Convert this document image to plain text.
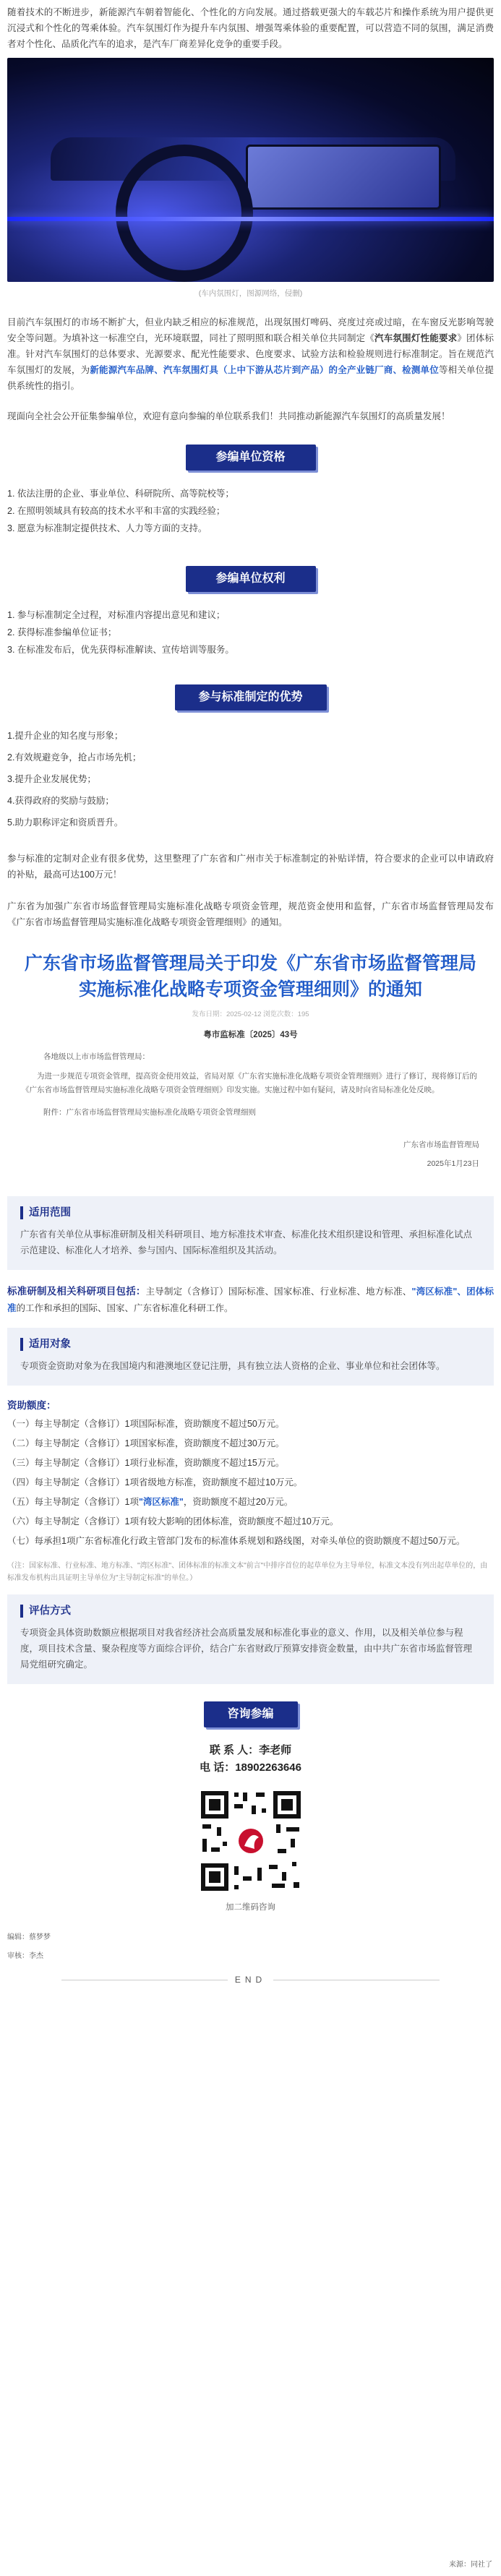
随着技术的不断进步，新能源汽车朝着智能化、个性化的方向发展。通过搭载更强大的车载芯片和操作系统为用户提供更沉浸式和个性化的驾乘体验。汽车氛围灯作为提升车内氛围、增强驾乘体验的重要配置，可以营造不同的氛围，满足消费者对个性化、品质化汽车的追求，是汽车厂商差异化竞争的重要手段。

(车内氛围灯，图源网络，侵删)

目前汽车氛围灯的市场不断扩大，但业内缺乏相应的标准规范，出现氛围灯啤码、亮度过亮或过暗，在车窗反光影响驾驶安全等问题。为填补这一标准空白，光环境联盟，同社了照明照和联合相关单位共同制定《汽车氛围灯性能要求》团体标准。针对汽车氛围灯的总体要求、光源要求、配光性能要求、色度要求、试验方法和检验规则进行标准制定。旨在规范汽车氛围灯的发展，为新能源汽车品牌、汽车氛围灯具（上中下游从芯片到产品）的全产业链厂商、检测单位等相关单位提供系统性的指引。

现面向全社会公开征集参编单位，欢迎有意向参编的单位联系我们！共同推动新能源汽车氛围灯的高质量发展！

参编单位资格
1. 依法注册的企业、事业单位、科研院所、高等院校等；
2. 在照明领域具有较高的技术水平和丰富的实践经验；
3. 愿意为标准制定提供技术、人力等方面的支持。
参编单位权利
1. 参与标准制定全过程，对标准内容提出意见和建议；
2. 获得标准参编单位证书；
3. 在标准发布后，优先获得标准解读、宣传培训等服务。
参与标准制定的优势
1.提升企业的知名度与形象；
2.有效规避竞争，抢占市场先机；
3.提升企业发展优势；
4.获得政府的奖励与鼓励；
5.助力职称评定和资质晋升。

参与标准的定制对企业有很多优势，这里整理了广东省和广州市关于标准制定的补贴详情，符合要求的企业可以申请政府的补贴，最高可达100万元！

广东省为加强广东省市场监督管理局实施标准化战略专项资金管理，规范资金使用和监督，广东省市场监督管理局发布《广东省市场监督管理局实施标准化战略专项资金管理细则》的通知。

广东省市场监督管理局关于印发《广东省市场监督管理局实施标准化战略专项资金管理细则》的通知
发布日期：2025-02-12 浏览次数：195
粤市监标准〔2025〕43号

各地级以上市市场监督管理局：

为进一步规范专项资金管理，提高资金使用效益，省局对原《广东省实施标准化战略专项资金管理细则》进行了修订，现将修订后的《广东省市场监督管理局实施标准化战略专项资金管理细则》印发实施。实施过程中如有疑问，请及时向省局标准化处反映。

附件：广东省市场监督管理局实施标准化战略专项资金管理细则

广东省市场监督管理局
2025年1月23日
适用范围

广东省有关单位从事标准研制及相关科研项目、地方标准技术审查、标准化技术组织建设和管理、承担标准化试点示范建设、标准化人才培养、参与国内、国际标准组织及其活动。

标准研制及相关科研项目包括：主导制定（含修订）国际标准、国家标准、行业标准、地方标准、"湾区标准"、团体标准的工作和承担的国际、国家、广东省标准化科研工作。

适用对象

专项资金资助对象为在我国境内和港澳地区登记注册，具有独立法人资格的企业、事业单位和社会团体等。

资助额度：
（一）每主导制定（含修订）1项国际标准，资助额度不超过50万元。
（二）每主导制定（含修订）1项国家标准，资助额度不超过30万元。
（三）每主导制定（含修订）1项行业标准，资助额度不超过15万元。
（四）每主导制定（含修订）1项省级地方标准，资助额度不超过10万元。
（五）每主导制定（含修订）1项"湾区标准"，资助额度不超过20万元。
（六）每主导制定（含修订）1项有较大影响的团体标准，资助额度不超过10万元。
（七）每承担1项广东省标准化行政主管部门发布的标准体系规划和路线图，对牵头单位的资助额度不超过50万元。

（注：国家标准、行业标准、地方标准、"湾区标准"、团体标准的标准文本"前言"中排序首位的起草单位为主导单位，标准文本没有列出起草单位的，由标准发布机构出具证明主导单位为"主导制定标准"的单位。）

评估方式

专项资金具体资助数额应根据项目对我省经济社会高质量发展和标准化事业的意义、作用，以及相关单位参与程度，项目技术含量、聚杂程度等方面综合评价，结合广东省财政厅预算安排资金数量，由中共广东省市场监督管理局党组研究确定。

咨询参编
联 系 人：李老师
电 话：18902263646
加二维码咨询
编辑：蔡梦梦
审核：李杰
END
来源：同社了
